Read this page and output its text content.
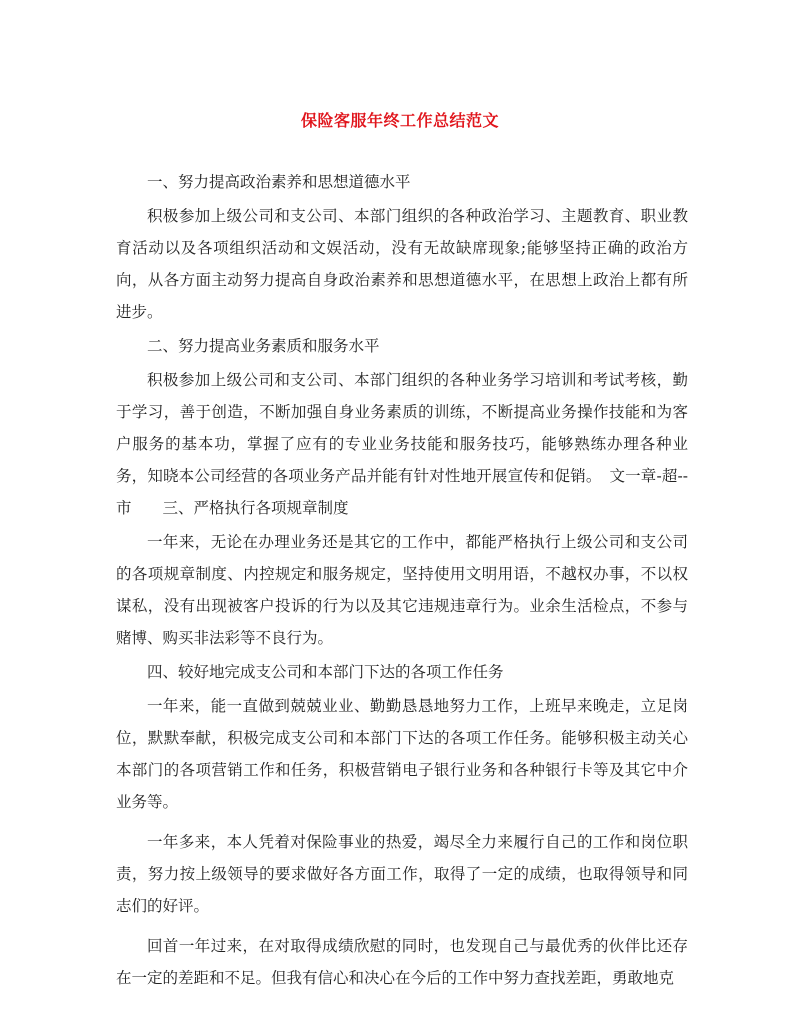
保险客服年终工作总结范文

一、努力提高政治素养和思想道德水平

积极参加上级公司和支公司、本部门组织的各种政治学习、主题教育、职业教育活动以及各项组织活动和文娱活动，没有无故缺席现象;能够坚持正确的政治方向，从各方面主动努力提高自身政治素养和思想道德水平，在思想上政治上都有所进步。

二、努力提高业务素质和服务水平

积极参加上级公司和支公司、本部门组织的各种业务学习培训和考试考核，勤于学习，善于创造，不断加强自身业务素质的训练，不断提高业务操作技能和为客户服务的基本功，掌握了应有的专业业务技能和服务技巧，能够熟练办理各种业务，知晓本公司经营的各项业务产品并能有针对性地开展宣传和促销。　文一章-超--市　　三、严格执行各项规章制度

一年来，无论在办理业务还是其它的工作中，都能严格执行上级公司和支公司的各项规章制度、内控规定和服务规定，坚持使用文明用语，不越权办事，不以权谋私，没有出现被客户投诉的行为以及其它违规违章行为。业余生活检点，不参与赌博、购买非法彩等不良行为。

四、较好地完成支公司和本部门下达的各项工作任务

一年来，能一直做到兢兢业业、勤勤恳恳地努力工作，上班早来晚走，立足岗位，默默奉献，积极完成支公司和本部门下达的各项工作任务。能够积极主动关心本部门的各项营销工作和任务，积极营销电子银行业务和各种银行卡等及其它中介业务等。

一年多来，本人凭着对保险事业的热爱，竭尽全力来履行自己的工作和岗位职责，努力按上级领导的要求做好各方面工作，取得了一定的成绩，也取得领导和同志们的好评。

回首一年过来，在对取得成绩欣慰的同时，也发现自己与最优秀的伙伴比还存在一定的差距和不足。但我有信心和决心在今后的工作中努力查找差距，勇敢地克
